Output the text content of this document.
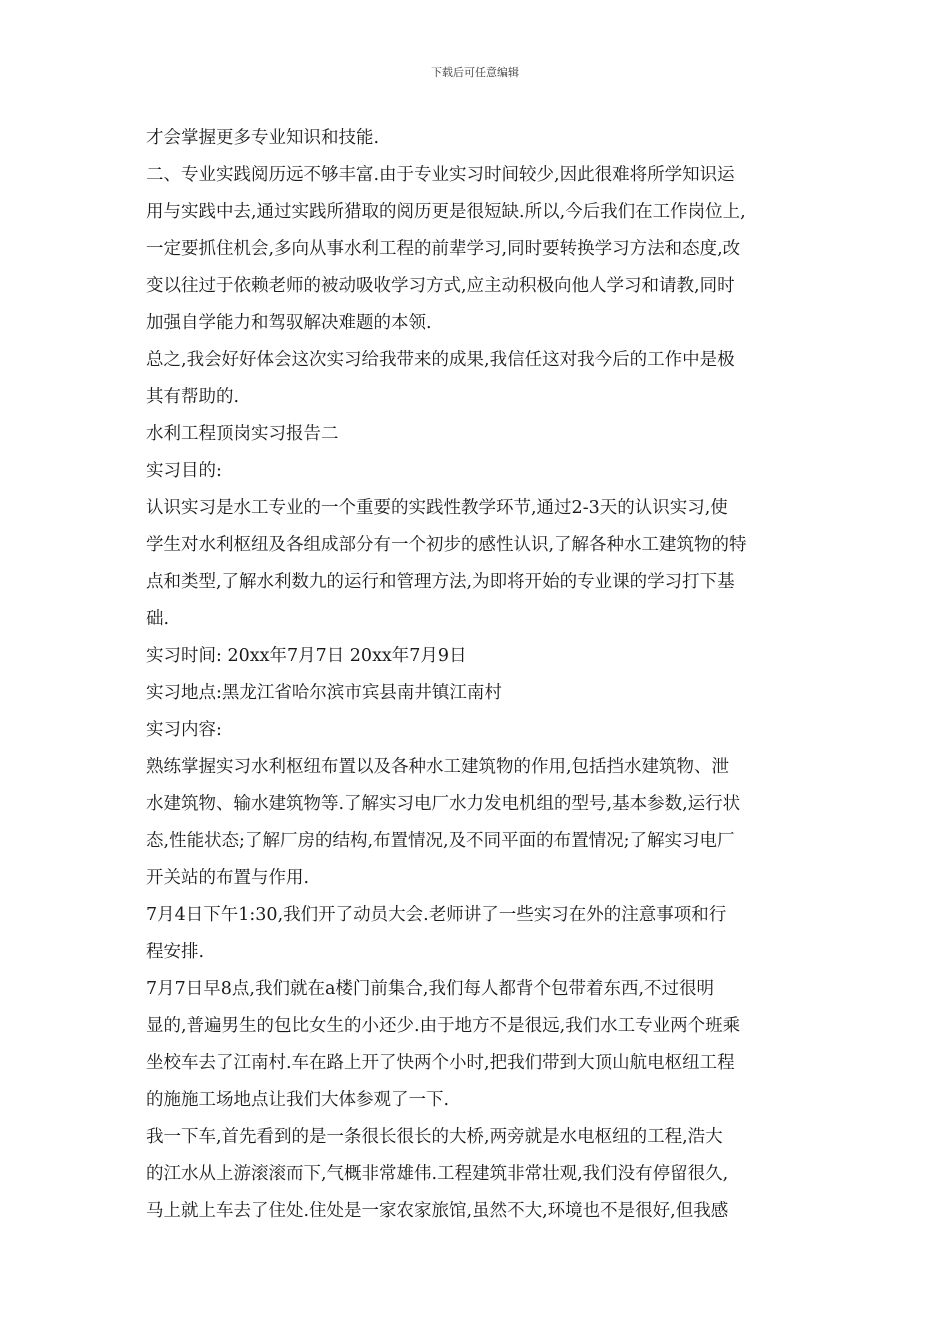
下载后可任意编辑
才会掌握更多专业知识和技能.
二、专业实践阅历远不够丰富.由于专业实习时间较少,因此很难将所学知识运
用与实践中去,通过实践所猎取的阅历更是很短缺.所以,今后我们在工作岗位上,
一定要抓住机会,多向从事水利工程的前辈学习,同时要转换学习方法和态度,改
变以往过于依赖老师的被动吸收学习方式,应主动积极向他人学习和请教,同时
加强自学能力和驾驭解决难题的本领.
总之,我会好好体会这次实习给我带来的成果,我信任这对我今后的工作中是极
其有帮助的.
水利工程顶岗实习报告二
实习目的:
认识实习是水工专业的一个重要的实践性教学环节,通过2-3天的认识实习,使
学生对水利枢纽及各组成部分有一个初步的感性认识,了解各种水工建筑物的特
点和类型,了解水利数九的运行和管理方法,为即将开始的专业课的学习打下基
础.
实习时间: 20xx年7月7日 20xx年7月9日
实习地点:黑龙江省哈尔滨市宾县南井镇江南村
实习内容:
熟练掌握实习水利枢纽布置以及各种水工建筑物的作用,包括挡水建筑物、泄
水建筑物、输水建筑物等.了解实习电厂水力发电机组的型号,基本参数,运行状
态,性能状态;了解厂房的结构,布置情况,及不同平面的布置情况;了解实习电厂
开关站的布置与作用.
7月4日下午1:30,我们开了动员大会.老师讲了一些实习在外的注意事项和行
程安排.
7月7日早8点,我们就在a楼门前集合,我们每人都背个包带着东西,不过很明
显的,普遍男生的包比女生的小还少.由于地方不是很远,我们水工专业两个班乘
坐校车去了江南村.车在路上开了快两个小时,把我们带到大顶山航电枢纽工程
的施施工场地点让我们大体参观了一下.
我一下车,首先看到的是一条很长很长的大桥,两旁就是水电枢纽的工程,浩大
的江水从上游滚滚而下,气概非常雄伟.工程建筑非常壮观,我们没有停留很久,
马上就上车去了住处.住处是一家农家旅馆,虽然不大,环境也不是很好,但我感
